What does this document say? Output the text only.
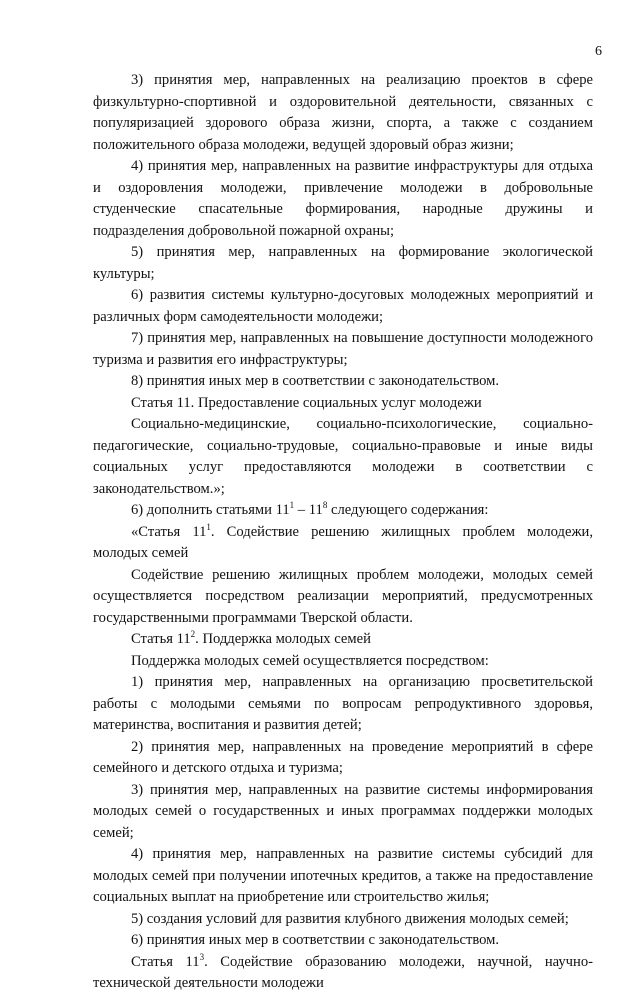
6

3) принятия мер, направленных на реализацию проектов в сфере физкультурно-спортивной и оздоровительной деятельности, связанных с популяризацией здорового образа жизни, спорта, а также с созданием положительного образа молодежи, ведущей здоровый образ жизни;

4) принятия мер, направленных на развитие инфраструктуры для отдыха и оздоровления молодежи, привлечение молодежи в добровольные студенческие спасательные формирования, народные дружины и подразделения добровольной пожарной охраны;

5) принятия мер, направленных на формирование экологической культуры;

6) развития системы культурно-досуговых молодежных мероприятий и различных форм самодеятельности молодежи;

7) принятия мер, направленных на повышение доступности молодежного туризма и развития его инфраструктуры;

8) принятия иных мер в соответствии с законодательством.

Статья 11. Предоставление социальных услуг молодежи

Социально-медицинские, социально-психологические, социально-педагогические, социально-трудовые, социально-правовые и иные виды социальных услуг предоставляются молодежи в соответствии с законодательством.»;

6) дополнить статьями $11^1 - 11^8$ следующего содержания:

«Статья $11^1$. Содействие решению жилищных проблем молодежи, молодых семей

Содействие решению жилищных проблем молодежи, молодых семей осуществляется посредством реализации мероприятий, предусмотренных государственными программами Тверской области.

Статья $11^2$. Поддержка молодых семей

Поддержка молодых семей осуществляется посредством:

1) принятия мер, направленных на организацию просветительской работы с молодыми семьями по вопросам репродуктивного здоровья, материнства, воспитания и развития детей;

2) принятия мер, направленных на проведение мероприятий в сфере семейного и детского отдыха и туризма;

3) принятия мер, направленных на развитие системы информирования молодых семей о государственных и иных программах поддержки молодых семей;

4) принятия мер, направленных на развитие системы субсидий для молодых семей при получении ипотечных кредитов, а также на предоставление социальных выплат на приобретение или строительство жилья;

5) создания условий для развития клубного движения молодых семей;

6) принятия иных мер в соответствии с законодательством.

Статья $11^3$. Содействие образованию молодежи, научной, научно-технической деятельности молодежи
